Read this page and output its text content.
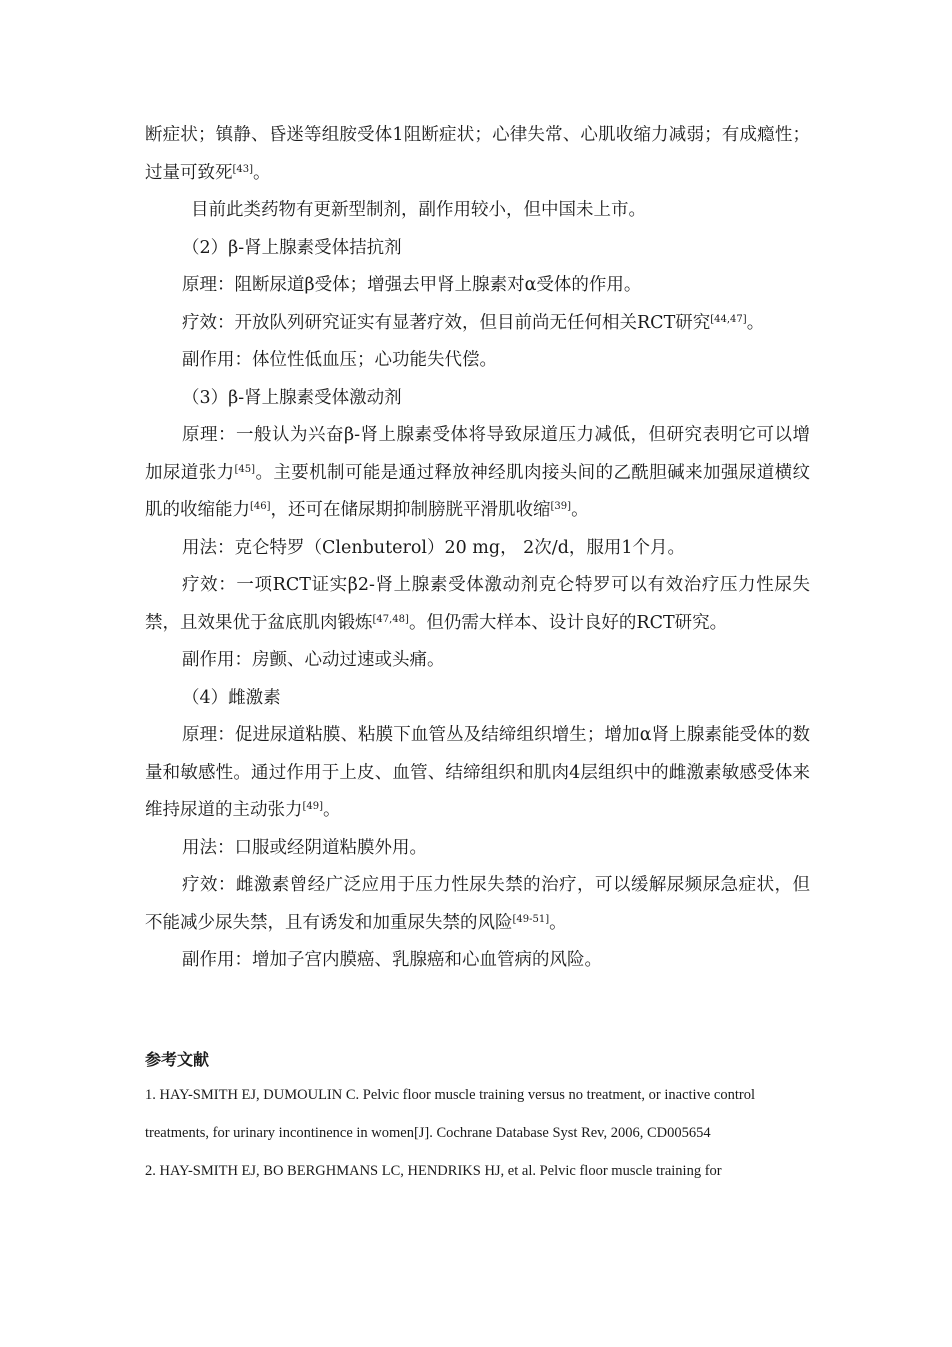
断症状；镇静、昏迷等组胺受体1阻断症状；心律失常、心肌收缩力减弱；有成瘾性；过量可致死[43]。

目前此类药物有更新型制剂，副作用较小，但中国未上市。

（2）β-肾上腺素受体拮抗剂

原理：阻断尿道β受体；增强去甲肾上腺素对α受体的作用。

疗效：开放队列研究证实有显著疗效，但目前尚无任何相关RCT研究[44,47]。

副作用：体位性低血压；心功能失代偿。

（3）β-肾上腺素受体激动剂

原理：一般认为兴奋β-肾上腺素受体将导致尿道压力减低，但研究表明它可以增加尿道张力[45]。主要机制可能是通过释放神经肌肉接头间的乙酰胆碱来加强尿道横纹肌的收缩能力[46]，还可在储尿期抑制膀胱平滑肌收缩[39]。

用法：克仑特罗（Clenbuterol）20 mg， 2次/d，服用1个月。

疗效：一项RCT证实β2-肾上腺素受体激动剂克仑特罗可以有效治疗压力性尿失禁，且效果优于盆底肌肉锻炼[47,48]。但仍需大样本、设计良好的RCT研究。

副作用：房颤、心动过速或头痛。

（4）雌激素

原理：促进尿道粘膜、粘膜下血管丛及结缔组织增生；增加α肾上腺素能受体的数量和敏感性。通过作用于上皮、血管、结缔组织和肌肉4层组织中的雌激素敏感受体来维持尿道的主动张力[49]。

用法：口服或经阴道粘膜外用。

疗效：雌激素曾经广泛应用于压力性尿失禁的治疗，可以缓解尿频尿急症状，但不能减少尿失禁，且有诱发和加重尿失禁的风险[49-51]。

副作用：增加子宫内膜癌、乳腺癌和心血管病的风险。

参考文献

1. HAY-SMITH EJ, DUMOULIN C. Pelvic floor muscle training versus no treatment, or inactive control treatments, for urinary incontinence in women[J]. Cochrane Database Syst Rev, 2006, CD005654

2. HAY-SMITH EJ, BO BERGHMANS LC, HENDRIKS HJ, et al. Pelvic floor muscle training for
